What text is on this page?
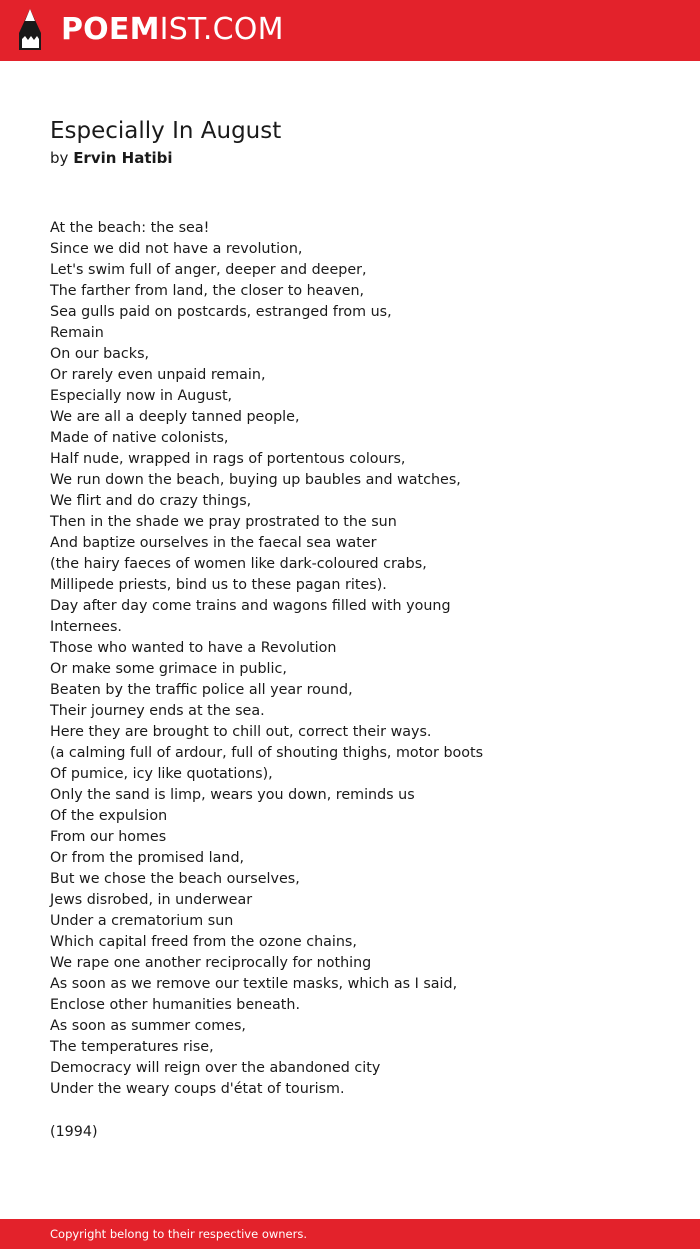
POEMIST.COM
Especially In August
by Ervin Hatibi
At the beach: the sea!
Since we did not have a revolution,
Let's swim full of anger, deeper and deeper,
The farther from land, the closer to heaven,
Sea gulls paid on postcards, estranged from us,
Remain
On our backs,
Or rarely even unpaid remain,
Especially now in August,
We are all a deeply tanned people,
Made of native colonists,
Half nude, wrapped in rags of portentous colours,
We run down the beach, buying up baubles and watches,
We flirt and do crazy things,
Then in the shade we pray prostrated to the sun
And baptize ourselves in the faecal sea water
(the hairy faeces of women like dark-coloured crabs,
Millipede priests, bind us to these pagan rites).
Day after day come trains and wagons filled with young
Internees.
Those who wanted to have a Revolution
Or make some grimace in public,
Beaten by the traffic police all year round,
Their journey ends at the sea.
Here they are brought to chill out, correct their ways.
(a calming full of ardour, full of shouting thighs, motor boots
Of pumice, icy like quotations),
Only the sand is limp, wears you down, reminds us
Of the expulsion
From our homes
Or from the promised land,
But we chose the beach ourselves,
Jews disrobed, in underwear
Under a crematorium sun
Which capital freed from the ozone chains,
We rape one another reciprocally for nothing
As soon as we remove our textile masks, which as I said,
Enclose other humanities beneath.
As soon as summer comes,
The temperatures rise,
Democracy will reign over the abandoned city
Under the weary coups d'état of tourism.
(1994)
Copyright belong to their respective owners.
